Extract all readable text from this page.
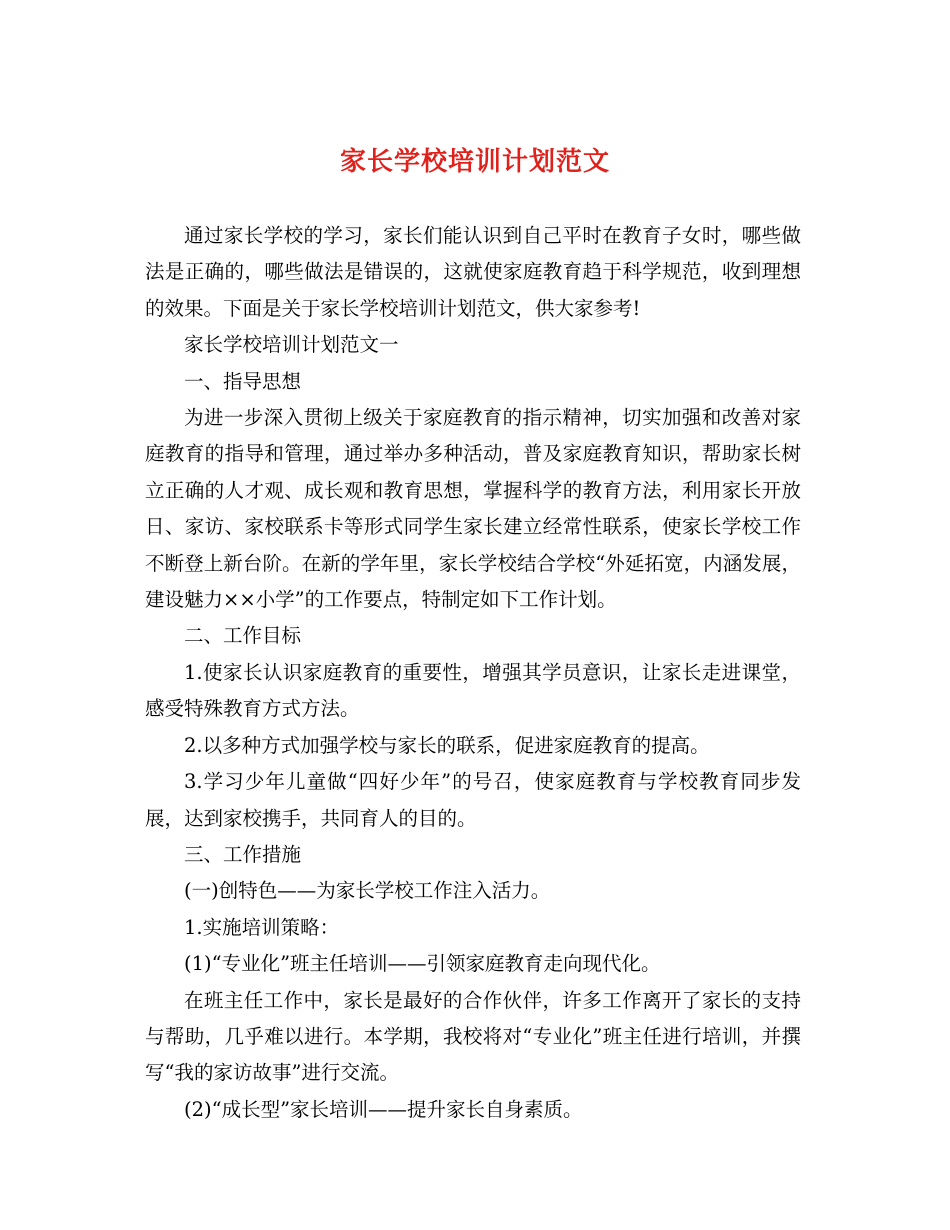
家长学校培训计划范文

通过家长学校的学习，家长们能认识到自己平时在教育子女时，哪些做法是正确的，哪些做法是错误的，这就使家庭教育趋于科学规范，收到理想的效果。下面是关于家长学校培训计划范文，供大家参考!

家长学校培训计划范文一

一、指导思想

为进一步深入贯彻上级关于家庭教育的指示精神，切实加强和改善对家庭教育的指导和管理，通过举办多种活动，普及家庭教育知识，帮助家长树立正确的人才观、成长观和教育思想，掌握科学的教育方法，利用家长开放日、家访、家校联系卡等形式同学生家长建立经常性联系，使家长学校工作不断登上新台阶。在新的学年里，家长学校结合学校“外延拓宽，内涵发展，建设魅力××小学”的工作要点，特制定如下工作计划。

二、工作目标

1.使家长认识家庭教育的重要性，增强其学员意识，让家长走进课堂，感受特殊教育方式方法。

2.以多种方式加强学校与家长的联系，促进家庭教育的提高。

3.学习少年儿童做“四好少年”的号召，使家庭教育与学校教育同步发展，达到家校携手，共同育人的目的。

三、工作措施

(一)创特色——为家长学校工作注入活力。

1.实施培训策略：

(1)“专业化”班主任培训——引领家庭教育走向现代化。

在班主任工作中，家长是最好的合作伙伴，许多工作离开了家长的支持与帮助，几乎难以进行。本学期，我校将对“专业化”班主任进行培训，并撰写“我的家访故事”进行交流。

(2)“成长型”家长培训——提升家长自身素质。
